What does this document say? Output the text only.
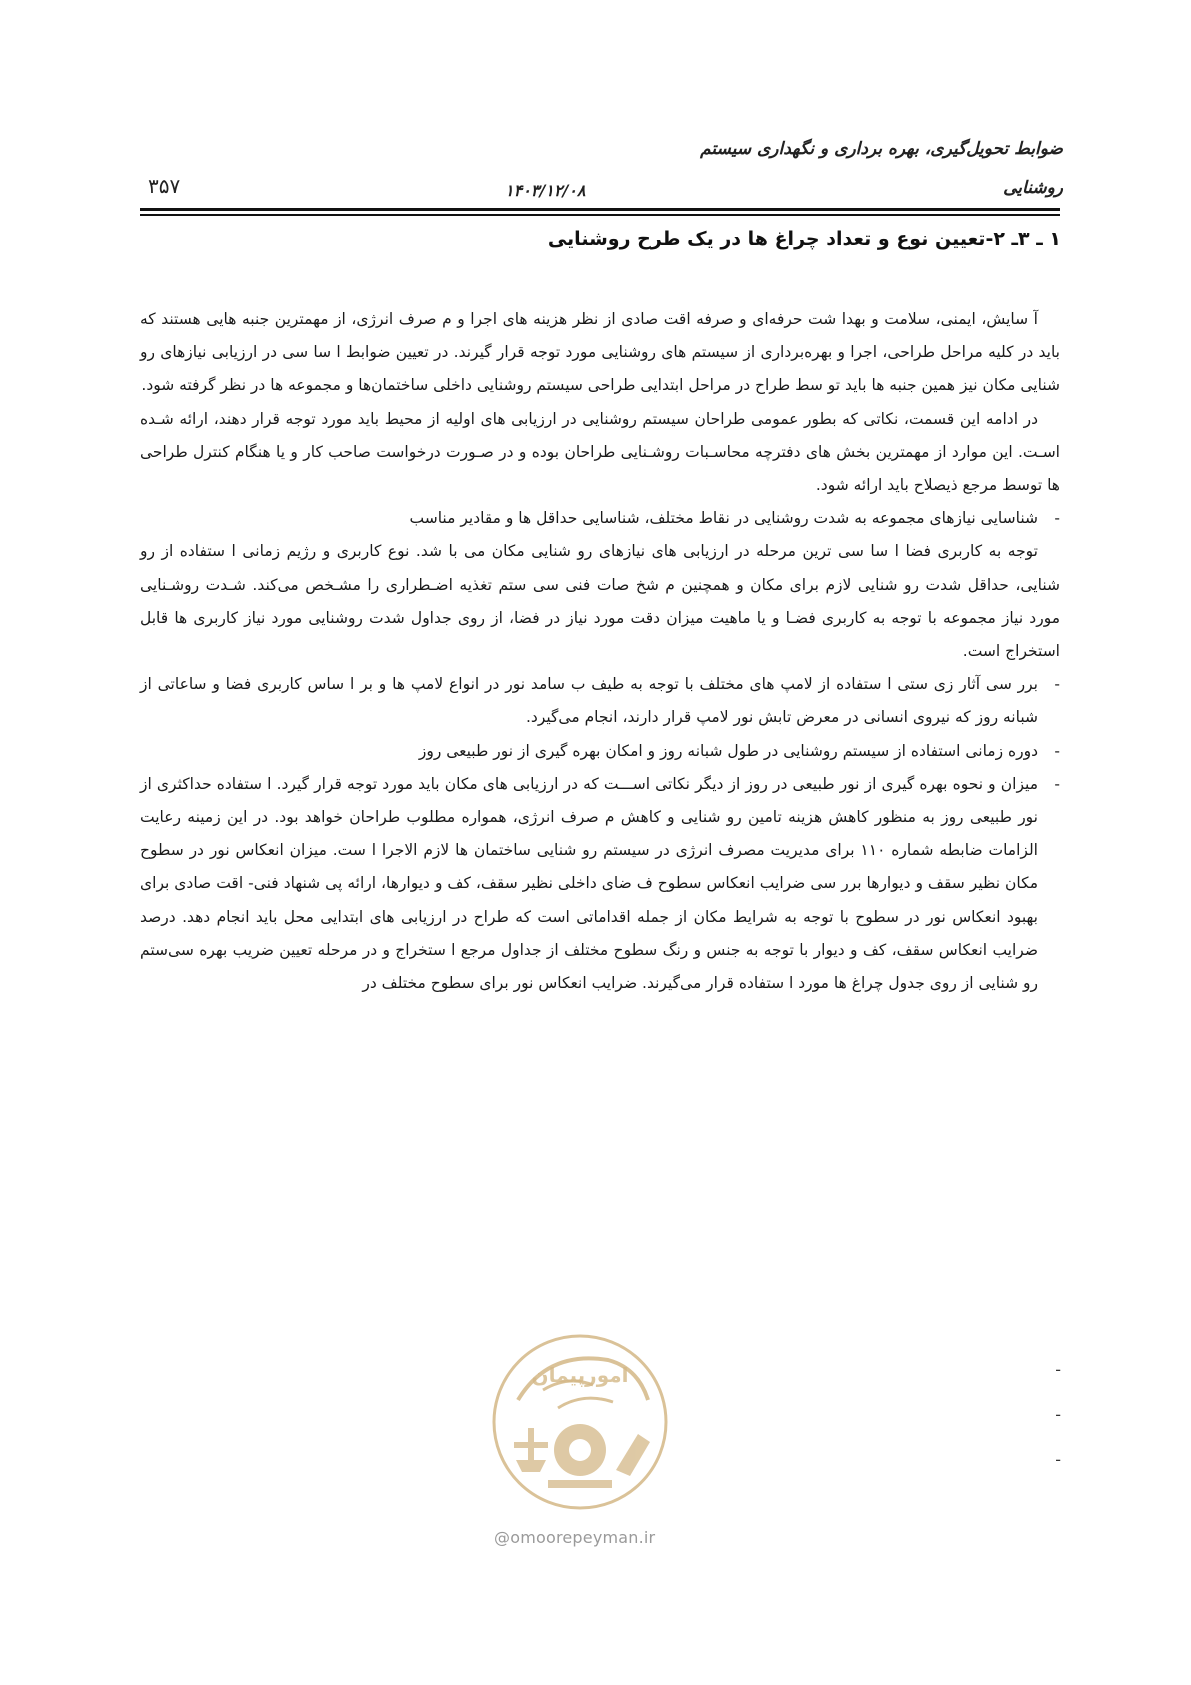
ضوابط تحویل‌گیری، بهره برداری و نگهداری سیستم
روشنایی
۱۴۰۳/۱۲/۰۸
۳۵۷
۱ ـ ۳ـ ۲-تعیین نوع و تعداد چراغ ها در یک طرح روشنایی

آ سایش، ایمنی، سلامت و بهدا شت حرفه‌ای و صرفه اقت صادی از نظر هزینه های اجرا و م صرف انرژی، از مهمترین جنبه هایی هستند که باید در کلیه مراحل طراحی، اجرا و بهره‌برداری از سیستم های روشنایی مورد توجه قرار گیرند. در تعیین ضوابط ا سا سی در ارزیابی نیازهای رو شنایی مکان نیز همین جنبه ها باید تو سط طراح در مراحل ابتدایی طراحی سیستم روشنایی داخلی ساختمان‌ها و مجموعه ها در نظر گرفته شود.

در ادامه این قسمت، نکاتی که بطور عمومی طراحان سیستم روشنایی در ارزیابی های اولیه از محیط باید مورد توجه قرار دهند، ارائه شـده اسـت. این موارد از مهمترین بخش های دفترچه محاسـبات روشـنایی طراحان بوده و در صـورت درخواست صاحب کار و یا هنگام کنترل طراحی ها توسط مرجع ذیصلاح باید ارائه شود.

-
شناسایی نیازهای مجموعه به شدت روشنایی در نقاط مختلف، شناسایی حداقل ها و مقادیر مناسب

توجه به کاربری فضا ا سا سی ترین مرحله در ارزیابی های نیازهای رو شنایی مکان می با شد. نوع کاربری و رژیم زمانی ا ستفاده از رو شنایی، حداقل شدت رو شنایی لازم برای مکان و همچنین م شخ صات فنی سی ستم تغذیه اضـطراری را مشـخص می‌کند. شـدت روشـنایی مورد نیاز مجموعه با توجه به کاربری فضـا و یا ماهیت میزان دقت مورد نیاز در فضا، از روی جداول شدت روشنایی مورد نیاز کاربری ها قابل استخراج است.

-
برر سی آثار زی ستی ا ستفاده از لامپ های مختلف با توجه به طیف ب سامد نور در انواع لامپ ها و بر ا ساس کاربری فضا و ساعاتی از شبانه روز که نیروی انسانی در معرض تابش نور لامپ قرار دارند، انجام می‌گیرد.
-
دوره زمانی استفاده از سیستم روشنایی در طول شبانه روز و امکان بهره گیری از نور طبیعی روز
-
میزان و نحوه بهره گیری از نور طبیعی در روز از دیگر نکاتی اســـت که در ارزیابی های مکان باید مورد توجه قرار گیرد. ا ستفاده حداکثری از نور طبیعی روز به منظور کاهش هزینه تامین رو شنایی و کاهش م صرف انرژی، همواره مطلوب طراحان خواهد بود. در این زمینه رعایت الزامات ضابطه شماره ۱۱۰ برای مدیریت مصرف انرژی در سیستم رو شنایی ساختمان ها لازم الاجرا ا ست. میزان انعکاس نور در سطوح مکان نظیر سقف و دیوارها برر سی ضرایب انعکاس سطوح ف ضای داخلی نظیر سقف، کف و دیوارها، ارائه پی شنهاد فنی- اقت صادی برای بهبود انعکاس نور در سطوح با توجه به شرایط مکان از جمله اقداماتی است که طراح در ارزیابی های ابتدایی محل باید انجام دهد. درصد ضرایب انعکاس سقف، کف و دیوار با توجه به جنس و رنگ سطوح مختلف از جداول مرجع ا ستخراج و در مرحله تعیین ضریب بهره سی‌ستم رو شنایی از روی جدول چراغ ها مورد ا ستفاده قرار می‌گیرند. ضرایب انعکاس نور برای سطوح مختلف در
-
-
-
امورپیمان
@omoorepeyman.ir
